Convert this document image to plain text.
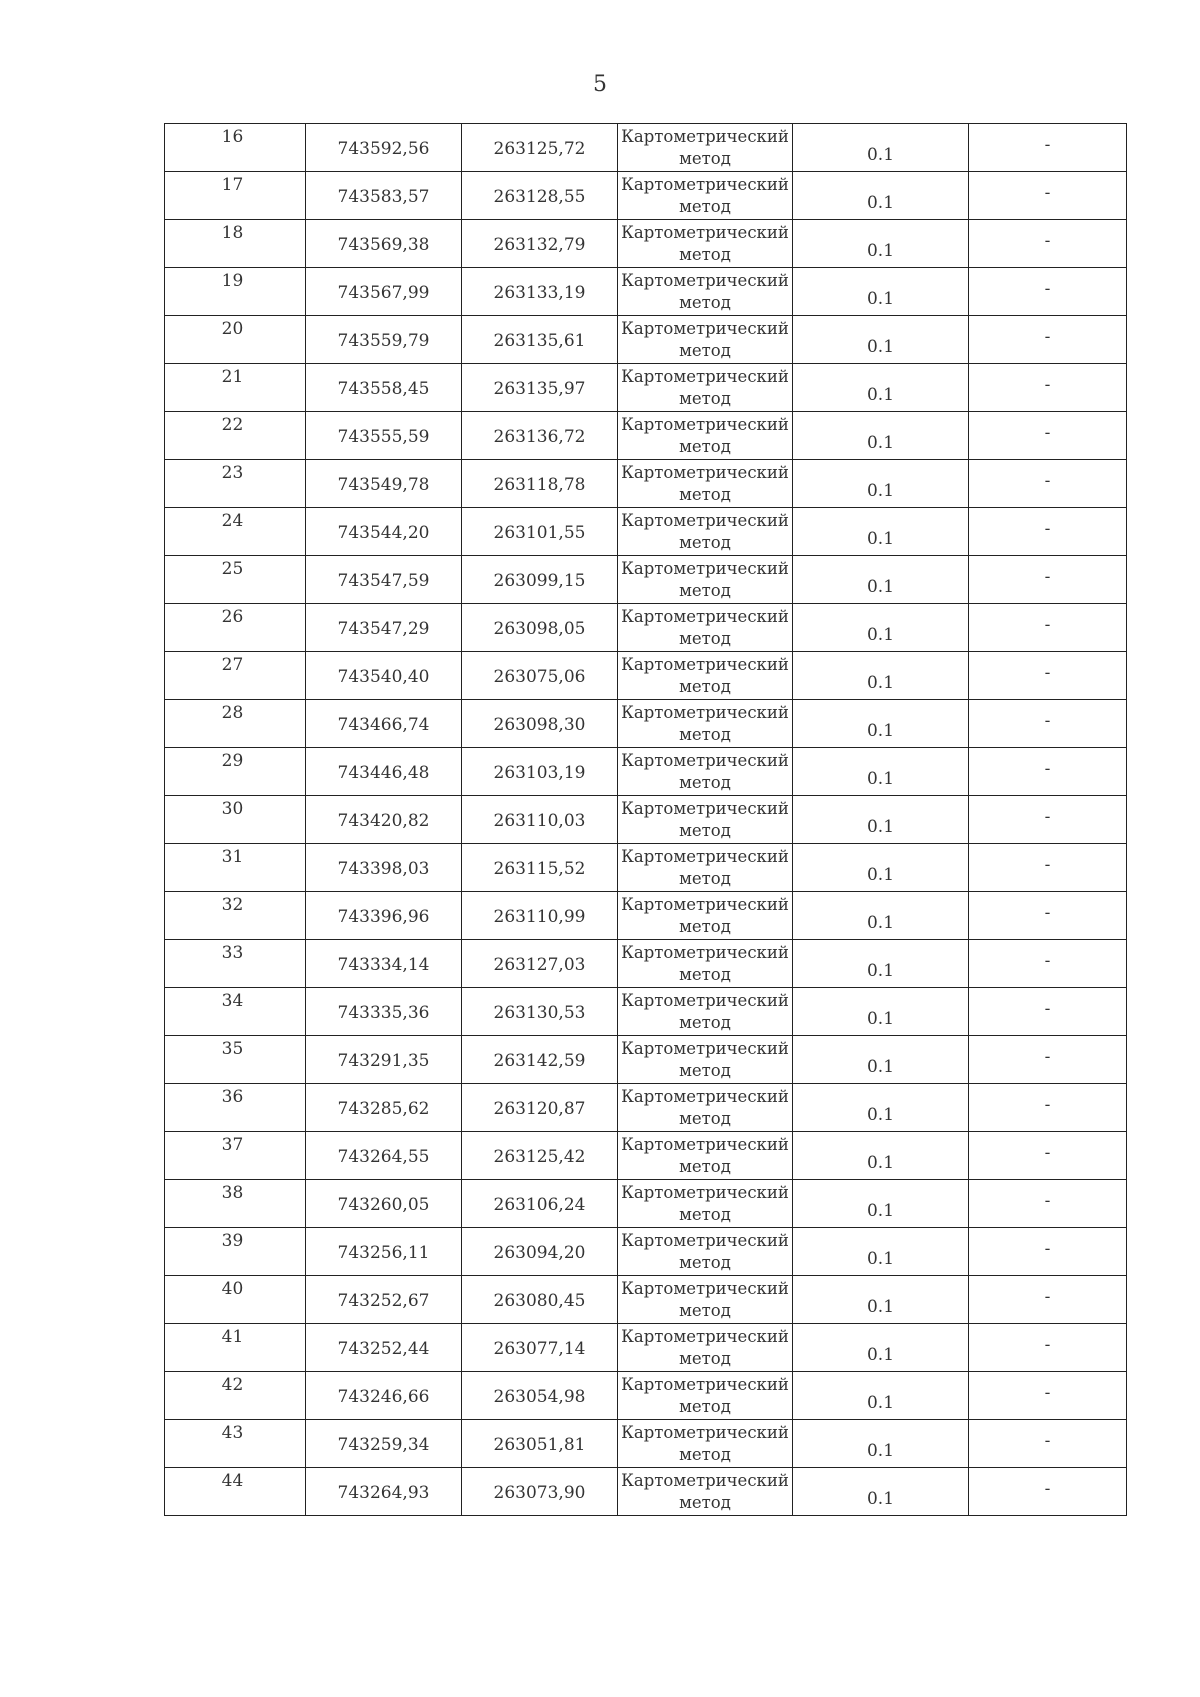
5
16	743592,56	263125,72	Картометрический метод	0.1	-

17	743583,57	263128,55	Картометрический метод	0.1	-

18	743569,38	263132,79	Картометрический метод	0.1	-

19	743567,99	263133,19	Картометрический метод	0.1	-

20	743559,79	263135,61	Картометрический метод	0.1	-

21	743558,45	263135,97	Картометрический метод	0.1	-

22	743555,59	263136,72	Картометрический метод	0.1	-

23	743549,78	263118,78	Картометрический метод	0.1	-

24	743544,20	263101,55	Картометрический метод	0.1	-

25	743547,59	263099,15	Картометрический метод	0.1	-

26	743547,29	263098,05	Картометрический метод	0.1	-

27	743540,40	263075,06	Картометрический метод	0.1	-

28	743466,74	263098,30	Картометрический метод	0.1	-

29	743446,48	263103,19	Картометрический метод	0.1	-

30	743420,82	263110,03	Картометрический метод	0.1	-

31	743398,03	263115,52	Картометрический метод	0.1	-

32	743396,96	263110,99	Картометрический метод	0.1	-

33	743334,14	263127,03	Картометрический метод	0.1	-

34	743335,36	263130,53	Картометрический метод	0.1	-

35	743291,35	263142,59	Картометрический метод	0.1	-

36	743285,62	263120,87	Картометрический метод	0.1	-

37	743264,55	263125,42	Картометрический метод	0.1	-

38	743260,05	263106,24	Картометрический метод	0.1	-

39	743256,11	263094,20	Картометрический метод	0.1	-

40	743252,67	263080,45	Картометрический метод	0.1	-

41	743252,44	263077,14	Картометрический метод	0.1	-

42	743246,66	263054,98	Картометрический метод	0.1	-

43	743259,34	263051,81	Картометрический метод	0.1	-

44	743264,93	263073,90	Картометрический метод	0.1	-
